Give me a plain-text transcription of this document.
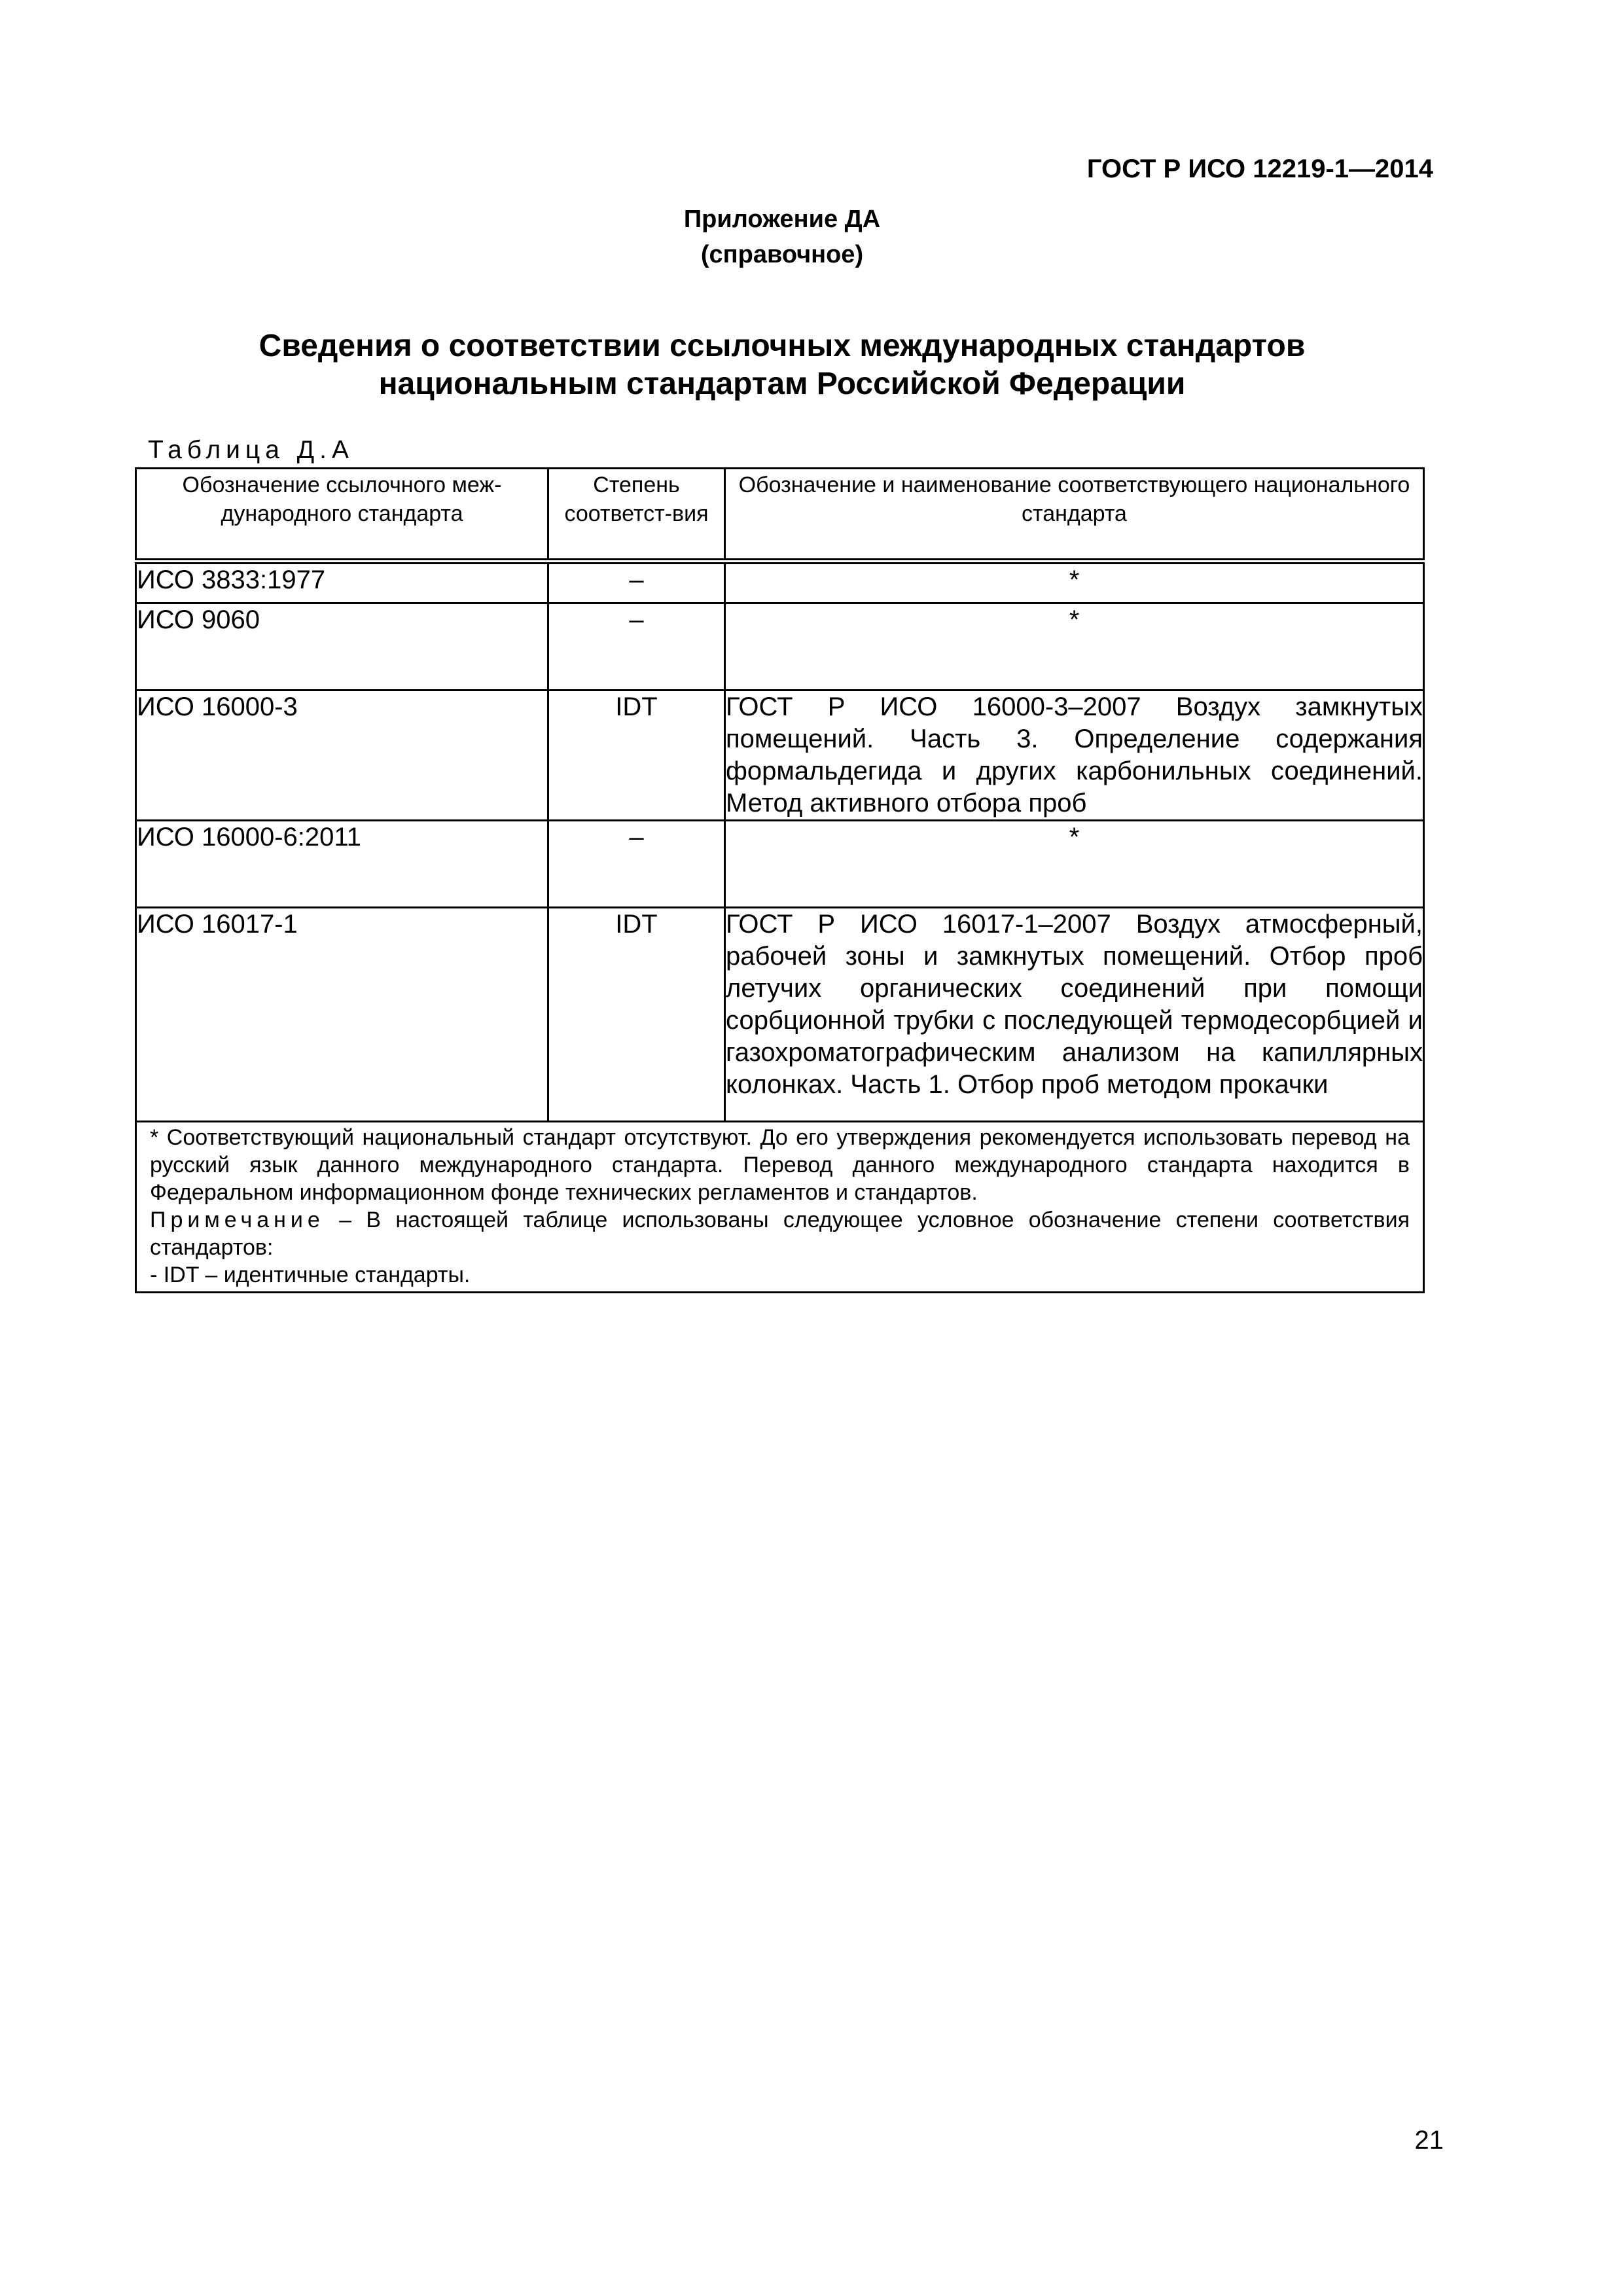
ГОСТ Р ИСО 12219-1—2014
Приложение ДА
(справочное)
Сведения о соответствии ссылочных международных стандартов
национальным стандартам Российской Федерации
Таблица Д.А
Обозначение ссылочного меж-дународного стандарта	Степень соответст-вия	Обозначение и наименование соответствующего национального стандарта
ИСО 3833:1977	–	*
ИСО 9060	–	*
ИСО 16000-3	IDT	ГОСТ Р ИСО 16000-3–2007 Воздух замкнутых помещений. Часть 3. Определение содержания формальдегида и других карбонильных соединений. Метод активного отбора проб
ИСО 16000-6:2011	–	*
ИСО 16017-1	IDT	ГОСТ Р ИСО 16017-1–2007 Воздух атмосферный, рабочей зоны и замкнутых помещений. Отбор проб летучих органических соединений при помощи сорбционной трубки с последующей термодесорбцией и газохроматографическим анализом на капиллярных колонках. Часть 1. Отбор проб методом прокачки

* Соответствующий национальный стандарт отсутствуют. До его утверждения рекомендуется использовать перевод на русский язык данного международного стандарта. Перевод данного международного стандарта находится в Федеральном информационном фонде технических регламентов и стандартов.

Примечание – В настоящей таблице использованы следующее условное обозначение степени соответствия стандартов:

- IDT – идентичные стандарты.		

21
